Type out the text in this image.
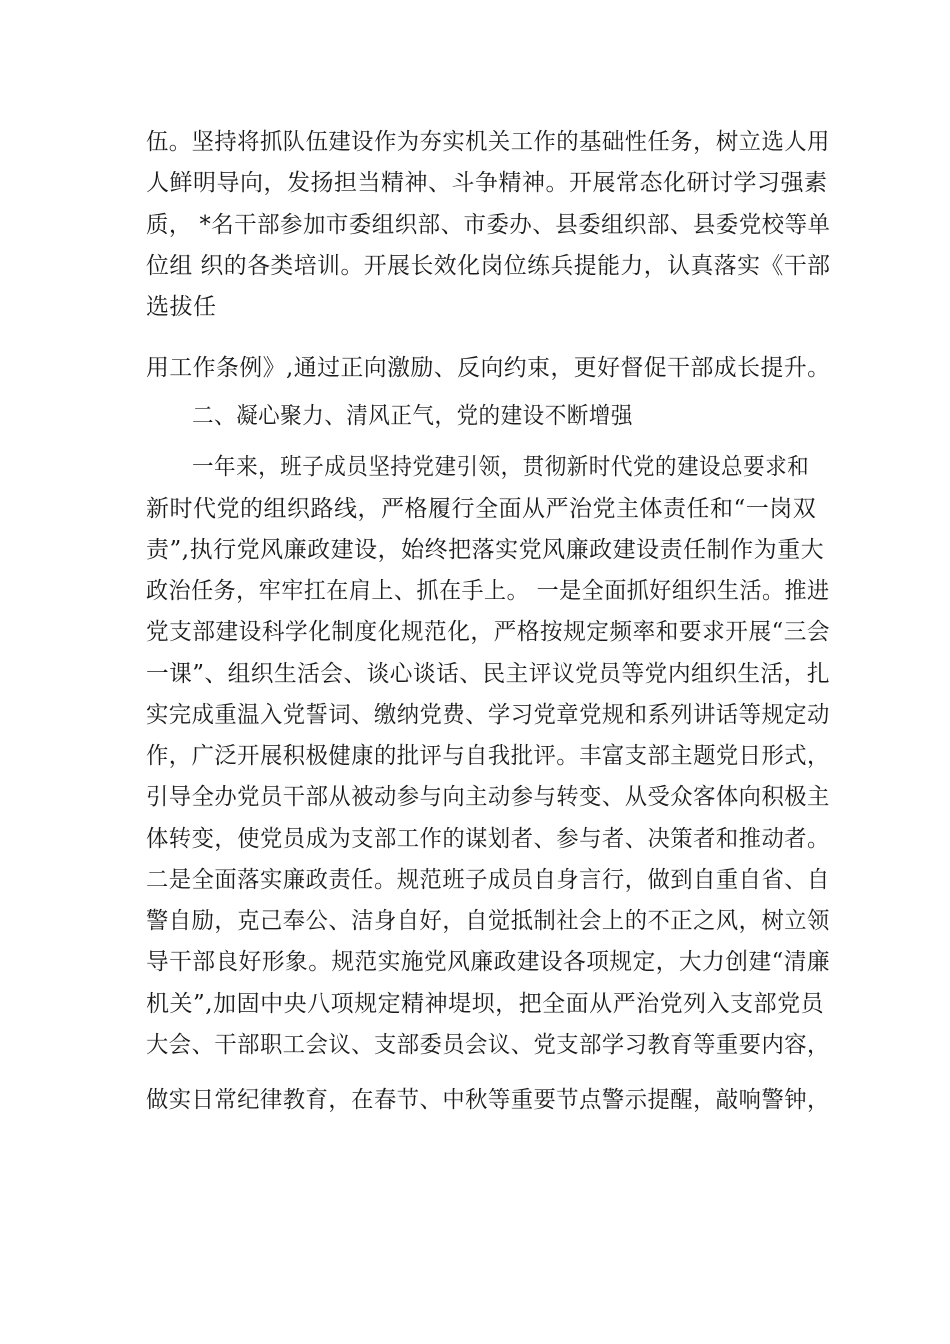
伍。坚持将抓队伍建设作为夯实机关工作的基础性任务，树立选人用
人鲜明导向，发扬担当精神、斗争精神。开展常态化研讨学习强素
质， *名干部参加市委组织部、市委办、县委组织部、县委党校等单
位组 织的各类培训。开展长效化岗位练兵提能力，认真落实《干部
选拔任
用工作条例》,通过正向激励、反向约束，更好督促干部成长提升。
二、凝心聚力、清风正气，党的建设不断增强
一年来，班子成员坚持党建引领，贯彻新时代党的建设总要求和
新时代党的组织路线，严格履行全面从严治党主体责任和“一岗双
责”,执行党风廉政建设，始终把落实党风廉政建设责任制作为重大
政治任务，牢牢扛在肩上、抓在手上。 一是全面抓好组织生活。推进
党支部建设科学化制度化规范化，严格按规定频率和要求开展“三会
一课”、组织生活会、谈心谈话、民主评议党员等党内组织生活，扎
实完成重温入党誓词、缴纳党费、学习党章党规和系列讲话等规定动
作，广泛开展积极健康的批评与自我批评。丰富支部主题党日形式，
引导全办党员干部从被动参与向主动参与转变、从受众客体向积极主
体转变，使党员成为支部工作的谋划者、参与者、决策者和推动者。
二是全面落实廉政责任。规范班子成员自身言行，做到自重自省、自
警自励，克己奉公、洁身自好，自觉抵制社会上的不正之风，树立领
导干部良好形象。规范实施党风廉政建设各项规定，大力创建“清廉
机关”,加固中央八项规定精神堤坝，把全面从严治党列入支部党员
大会、干部职工会议、支部委员会议、党支部学习教育等重要内容，
做实日常纪律教育，在春节、中秋等重要节点警示提醒，敲响警钟，
